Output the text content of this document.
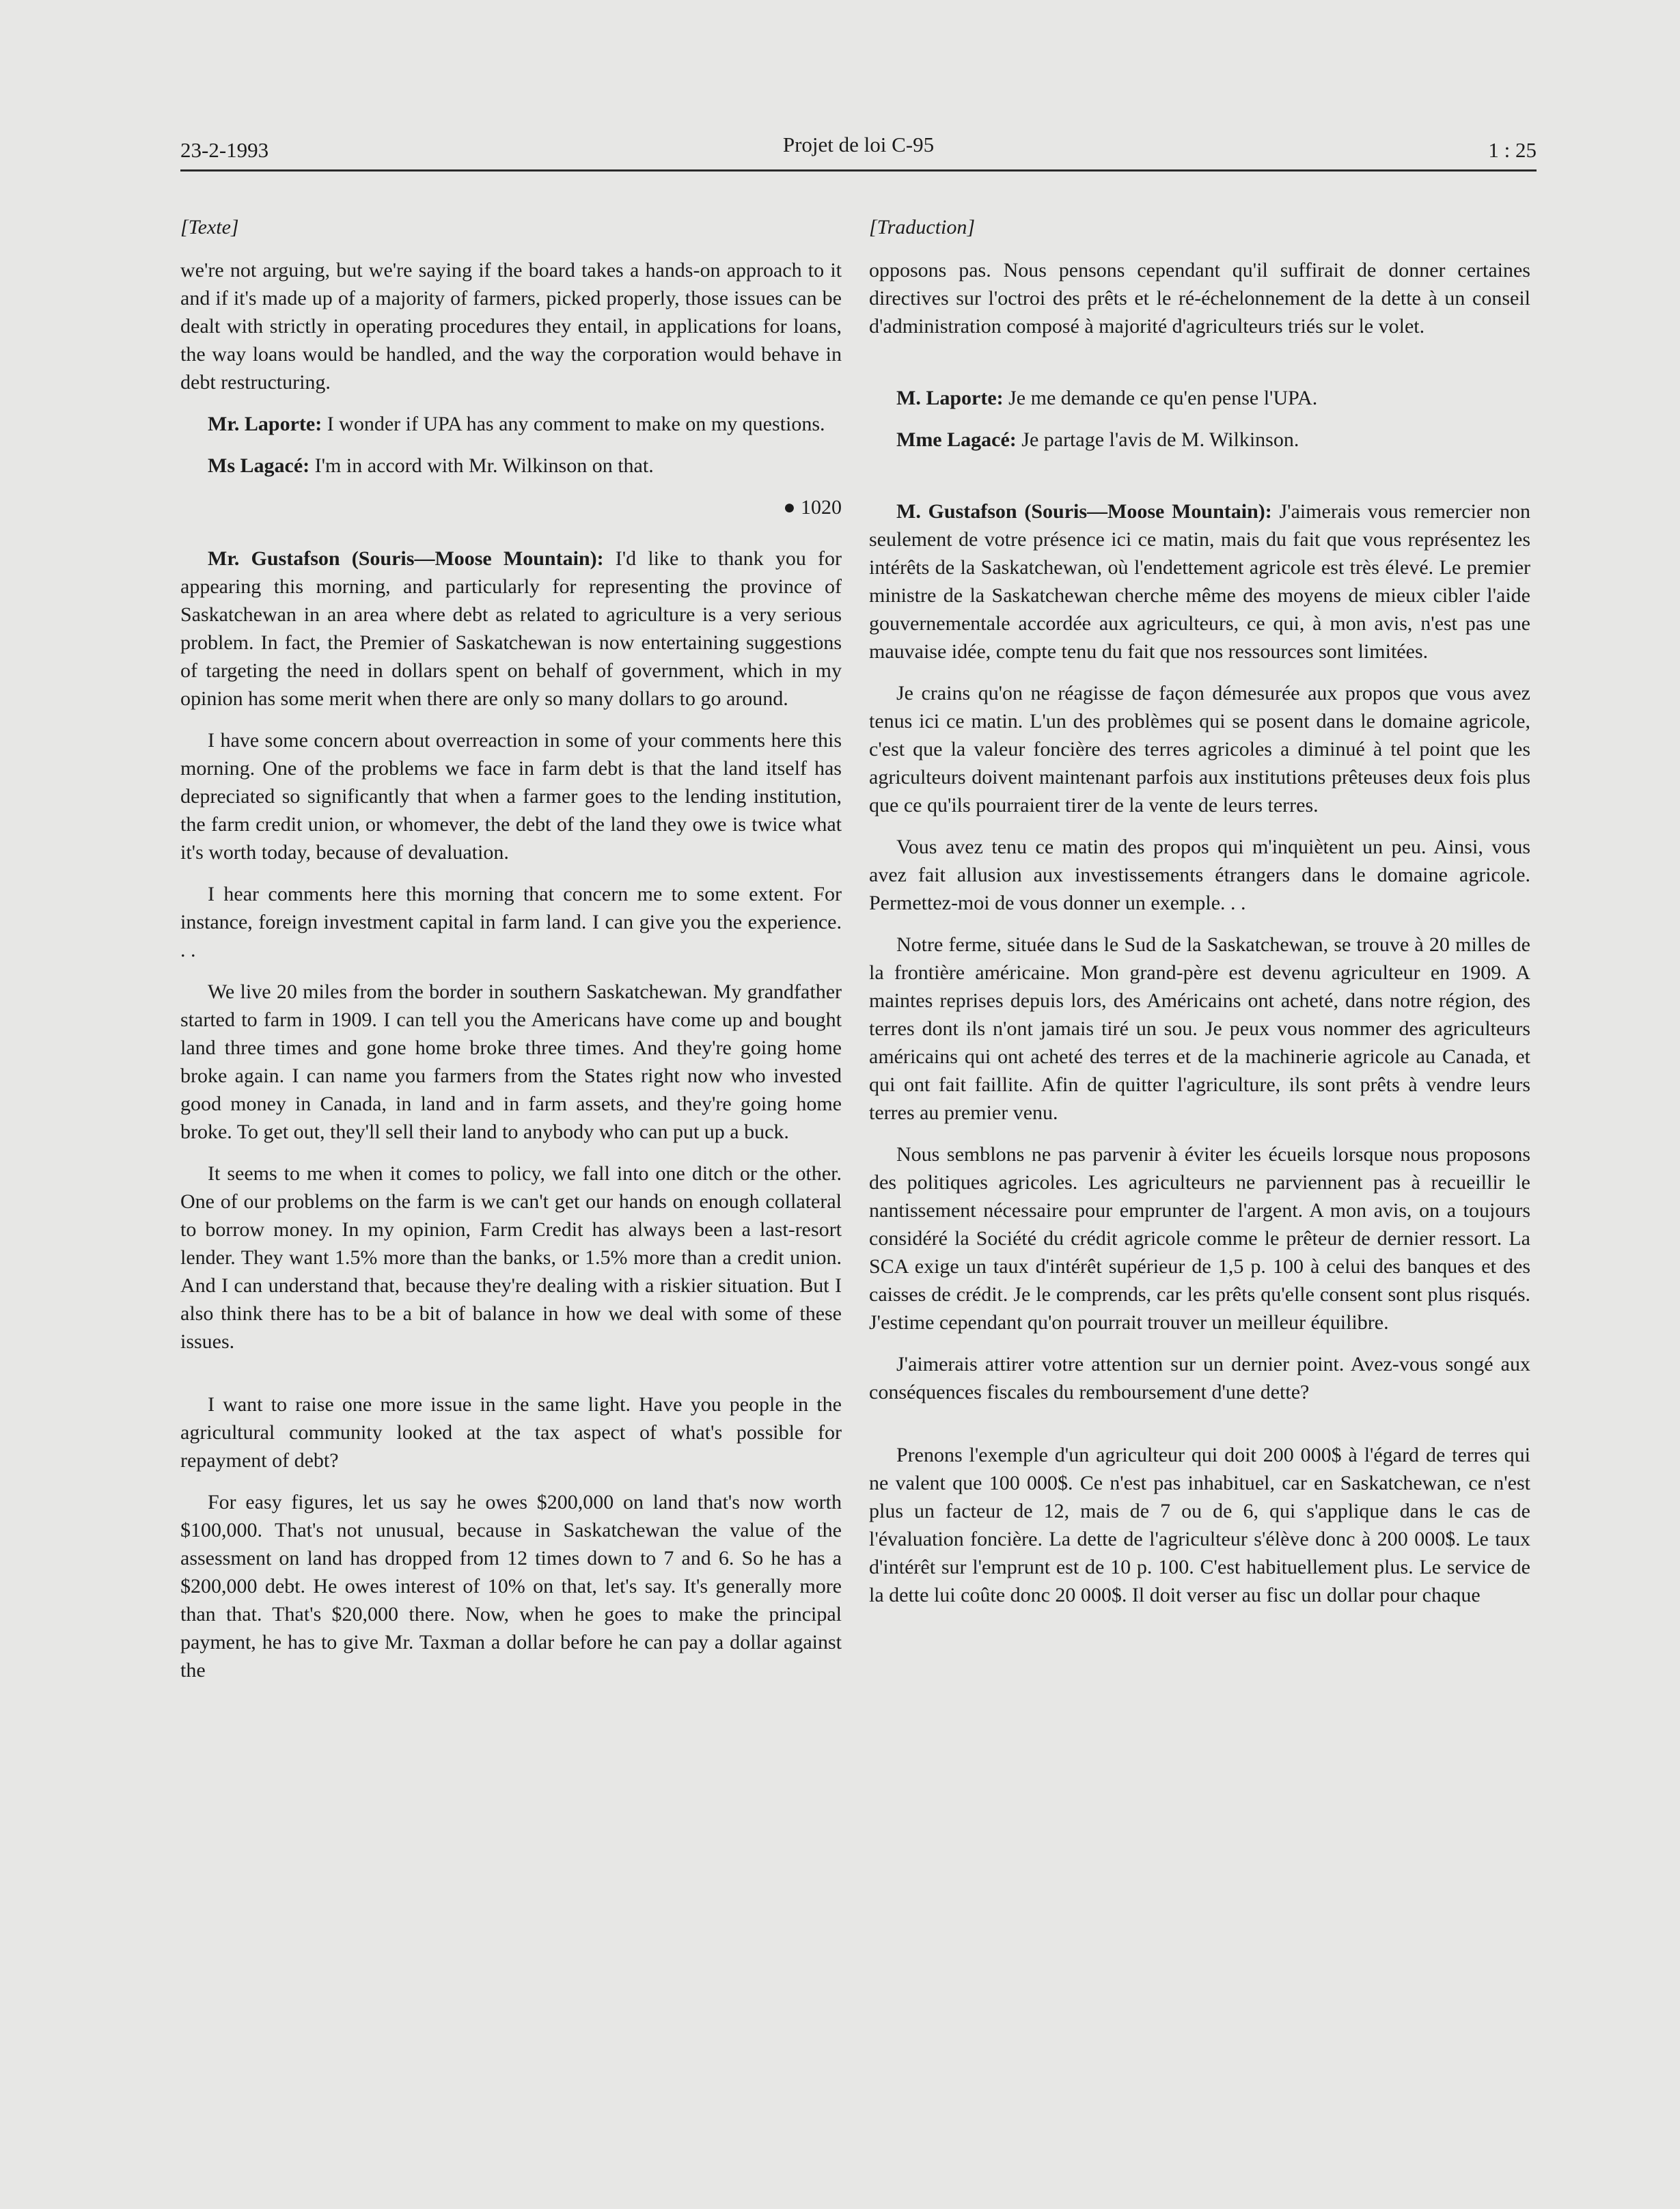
23-2-1993	Projet de loi C-95	1 : 25
[Texte]

we're not arguing, but we're saying if the board takes a hands-on approach to it and if it's made up of a majority of farmers, picked properly, those issues can be dealt with strictly in operating procedures they entail, in applications for loans, the way loans would be handled, and the way the corporation would behave in debt restructuring.

Mr. Laporte: I wonder if UPA has any comment to make on my questions.

Ms Lagacé: I'm in accord with Mr. Wilkinson on that.

● 1020

Mr. Gustafson (Souris—Moose Mountain): I'd like to thank you for appearing this morning, and particularly for representing the province of Saskatchewan in an area where debt as related to agriculture is a very serious problem. In fact, the Premier of Saskatchewan is now entertaining suggestions of targeting the need in dollars spent on behalf of government, which in my opinion has some merit when there are only so many dollars to go around.

I have some concern about overreaction in some of your comments here this morning. One of the problems we face in farm debt is that the land itself has depreciated so significantly that when a farmer goes to the lending institution, the farm credit union, or whomever, the debt of the land they owe is twice what it's worth today, because of devaluation.

I hear comments here this morning that concern me to some extent. For instance, foreign investment capital in farm land. I can give you the experience. . .

We live 20 miles from the border in southern Saskatchewan. My grandfather started to farm in 1909. I can tell you the Americans have come up and bought land three times and gone home broke three times. And they're going home broke again. I can name you farmers from the States right now who invested good money in Canada, in land and in farm assets, and they're going home broke. To get out, they'll sell their land to anybody who can put up a buck.

It seems to me when it comes to policy, we fall into one ditch or the other. One of our problems on the farm is we can't get our hands on enough collateral to borrow money. In my opinion, Farm Credit has always been a last-resort lender. They want 1.5% more than the banks, or 1.5% more than a credit union. And I can understand that, because they're dealing with a riskier situation. But I also think there has to be a bit of balance in how we deal with some of these issues.

I want to raise one more issue in the same light. Have you people in the agricultural community looked at the tax aspect of what's possible for repayment of debt?

For easy figures, let us say he owes $200,000 on land that's now worth $100,000. That's not unusual, because in Saskatchewan the value of the assessment on land has dropped from 12 times down to 7 and 6. So he has a $200,000 debt. He owes interest of 10% on that, let's say. It's generally more than that. That's $20,000 there. Now, when he goes to make the principal payment, he has to give Mr. Taxman a dollar before he can pay a dollar against the

[Traduction]

opposons pas. Nous pensons cependant qu'il suffirait de donner certaines directives sur l'octroi des prêts et le ré-échelonnement de la dette à un conseil d'administration composé à majorité d'agriculteurs triés sur le volet.

M. Laporte: Je me demande ce qu'en pense l'UPA.

Mme Lagacé: Je partage l'avis de M. Wilkinson.

M. Gustafson (Souris—Moose Mountain): J'aimerais vous remercier non seulement de votre présence ici ce matin, mais du fait que vous représentez les intérêts de la Saskatchewan, où l'endettement agricole est très élevé. Le premier ministre de la Saskatchewan cherche même des moyens de mieux cibler l'aide gouvernementale accordée aux agriculteurs, ce qui, à mon avis, n'est pas une mauvaise idée, compte tenu du fait que nos ressources sont limitées.

Je crains qu'on ne réagisse de façon démesurée aux propos que vous avez tenus ici ce matin. L'un des problèmes qui se posent dans le domaine agricole, c'est que la valeur foncière des terres agricoles a diminué à tel point que les agriculteurs doivent maintenant parfois aux institutions prêteuses deux fois plus que ce qu'ils pourraient tirer de la vente de leurs terres.

Vous avez tenu ce matin des propos qui m'inquiètent un peu. Ainsi, vous avez fait allusion aux investissements étrangers dans le domaine agricole. Permettez-moi de vous donner un exemple. . .

Notre ferme, située dans le Sud de la Saskatchewan, se trouve à 20 milles de la frontière américaine. Mon grand-père est devenu agriculteur en 1909. A maintes reprises depuis lors, des Américains ont acheté, dans notre région, des terres dont ils n'ont jamais tiré un sou. Je peux vous nommer des agriculteurs américains qui ont acheté des terres et de la machinerie agricole au Canada, et qui ont fait faillite. Afin de quitter l'agriculture, ils sont prêts à vendre leurs terres au premier venu.

Nous semblons ne pas parvenir à éviter les écueils lorsque nous proposons des politiques agricoles. Les agriculteurs ne parviennent pas à recueillir le nantissement nécessaire pour emprunter de l'argent. A mon avis, on a toujours considéré la Société du crédit agricole comme le prêteur de dernier ressort. La SCA exige un taux d'intérêt supérieur de 1,5 p. 100 à celui des banques et des caisses de crédit. Je le comprends, car les prêts qu'elle consent sont plus risqués. J'estime cependant qu'on pourrait trouver un meilleur équilibre.

J'aimerais attirer votre attention sur un dernier point. Avez-vous songé aux conséquences fiscales du remboursement d'une dette?

Prenons l'exemple d'un agriculteur qui doit 200 000$ à l'égard de terres qui ne valent que 100 000$. Ce n'est pas inhabituel, car en Saskatchewan, ce n'est plus un facteur de 12, mais de 7 ou de 6, qui s'applique dans le cas de l'évaluation foncière. La dette de l'agriculteur s'élève donc à 200 000$. Le taux d'intérêt sur l'emprunt est de 10 p. 100. C'est habituellement plus. Le service de la dette lui coûte donc 20 000$. Il doit verser au fisc un dollar pour chaque
